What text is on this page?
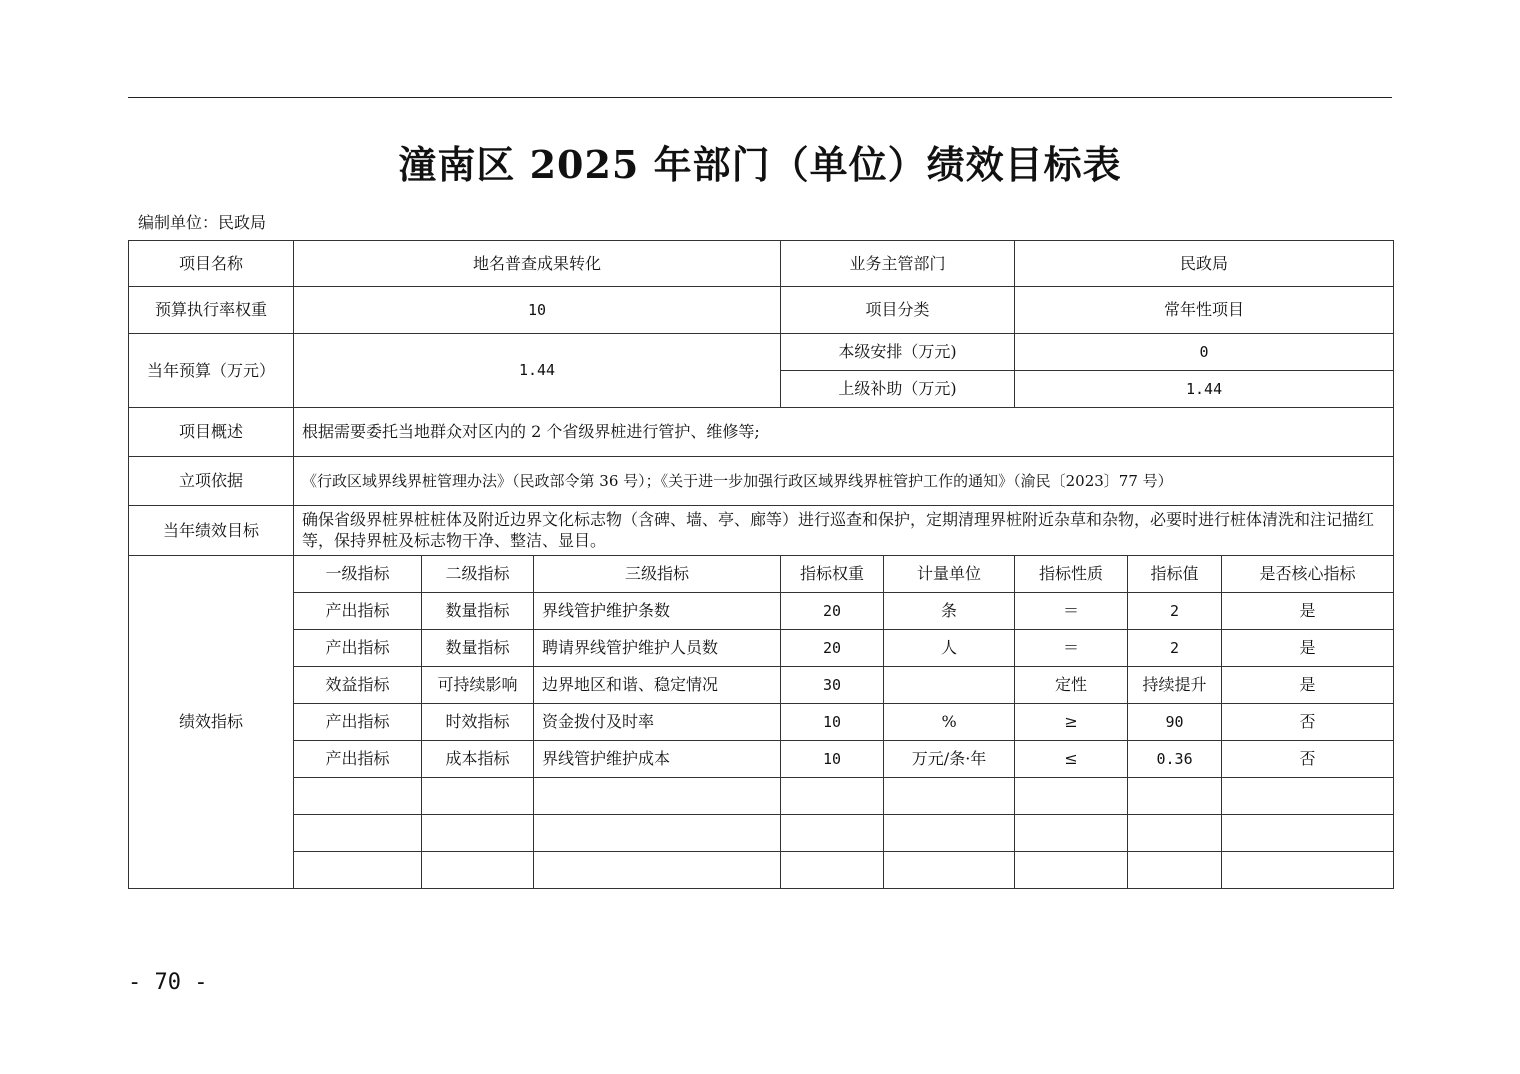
潼南区 2025 年部门（单位）绩效目标表
编制单位：民政局
项目名称	地名普查成果转化			业务主管部门		民政局		
预算执行率权重	10			项目分类		常年性项目		
当年预算（万元）	1.44			本级安排（万元)		0		
				上级补助（万元)		1.44		
项目概述	根据需要委托当地群众对区内的 2 个省级界桩进行管护、维修等;							
立项依据	《行政区域界线界桩管理办法》（民政部令第 36 号）；《关于进一步加强行政区域界线界桩管护工作的通知》（渝民〔2023〕77 号）							
当年绩效目标	确保省级界桩界桩桩体及附近边界文化标志物（含碑、墙、亭、廊等）进行巡查和保护，定期清理界桩附近杂草和杂物，必要时进行桩体清洗和注记描红等，保持界桩及标志物干净、整洁、显目。							
绩效指标	一级指标	二级指标	三级指标	指标权重	计量单位	指标性质	指标值	是否核心指标
	产出指标	数量指标	界线管护维护条数	20	条	＝	2	是
	产出指标	数量指标	聘请界线管护维护人员数	20	人	＝	2	是
	效益指标	可持续影响	边界地区和谐、稳定情况	30		定性	持续提升	是
	产出指标	时效指标	资金拨付及时率	10	%	≥	90	否
	产出指标	成本指标	界线管护维护成本	10	万元/条·年	≤	0.36	否

- 70 -
